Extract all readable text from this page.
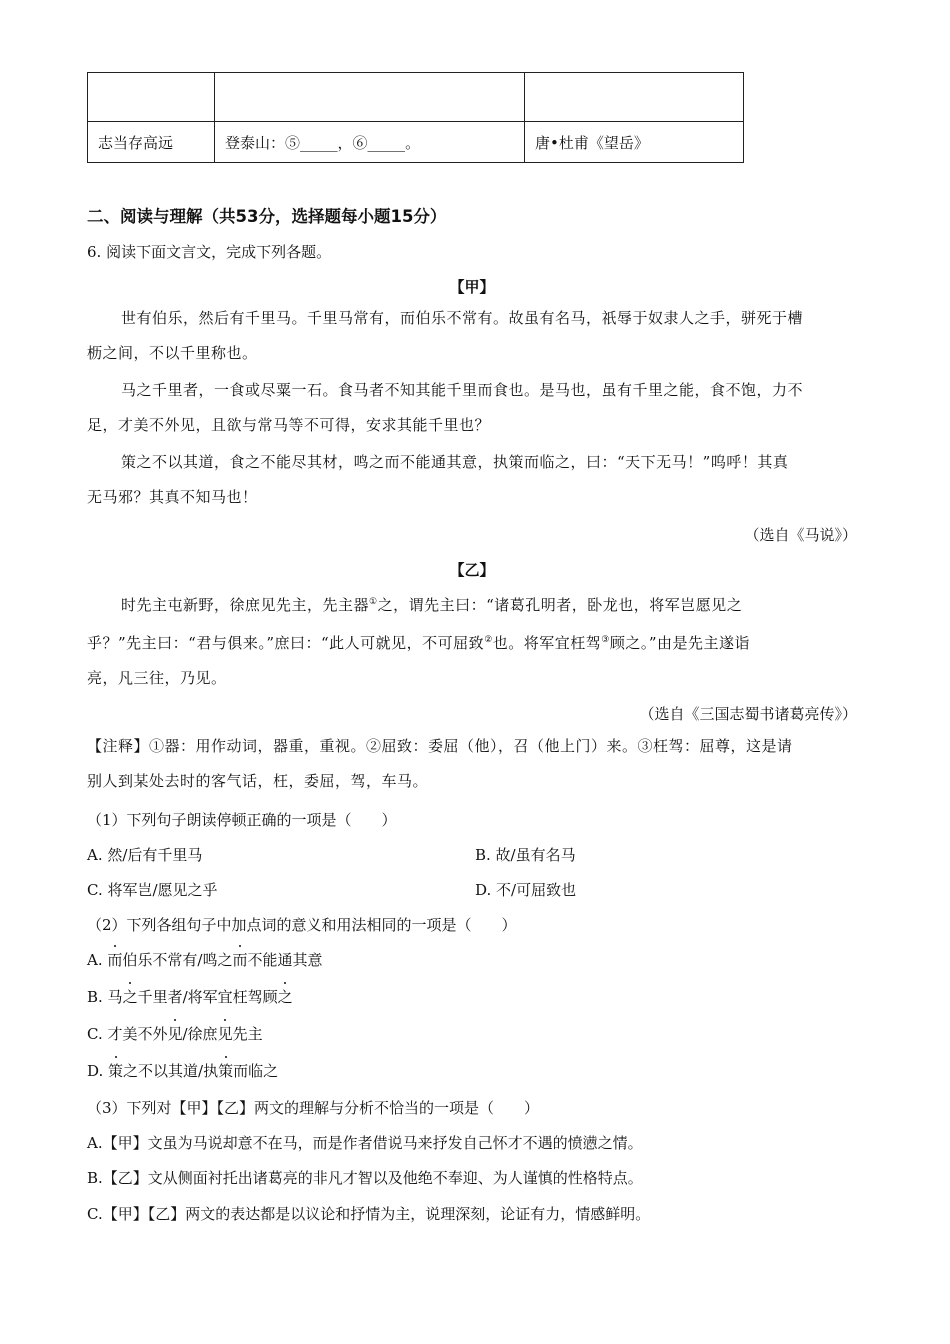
志当存高远	登泰山：⑤_____，⑥_____。	唐•杜甫《望岳》
二、阅读与理解（共53分，选择题每小题15分）
6. 阅读下面文言文，完成下列各题。
【甲】
世有伯乐，然后有千里马。千里马常有，而伯乐不常有。故虽有名马，祇辱于奴隶人之手，骈死于槽
枥之间，不以千里称也。
马之千里者，一食或尽粟一石。食马者不知其能千里而食也。是马也，虽有千里之能，食不饱，力不
足，才美不外见，且欲与常马等不可得，安求其能千里也？
策之不以其道，食之不能尽其材，鸣之而不能通其意，执策而临之，曰：“天下无马！”呜呼！其真
无马邪？其真不知马也！
（选自《马说》）
【乙】
时先主屯新野，徐庶见先主，先主器①之，谓先主曰：“诸葛孔明者，卧龙也，将军岂愿见之
乎？”先主曰：“君与俱来。”庶曰：“此人可就见，不可屈致②也。将军宜枉驾③顾之。”由是先主遂诣
亮，凡三往，乃见。
（选自《三国志蜀书诸葛亮传》）
【注释】①器：用作动词，器重，重视。②屈致：委屈（他），召（他上门）来。③枉驾：屈尊，这是请
别人到某处去时的客气话，枉，委屈，驾，车马。
（1）下列句子朗读停顿正确的一项是（　　）
A. 然/后有千里马	B. 故/虽有名马
C. 将军岂/愿见之乎	D. 不/可屈致也
（2）下列各组句子中加点词的意义和用法相同的一项是（　　）
A. 而伯乐不常有/鸣之而不能通其意
B. 马之千里者/将军宜枉驾顾之
C. 才美不外见/徐庶见先主
D. 策之不以其道/执策而临之
（3）下列对【甲】【乙】两文的理解与分析不恰当的一项是（　　）
A.【甲】文虽为马说却意不在马，而是作者借说马来抒发自己怀才不遇的愤懑之情。
B.【乙】文从侧面衬托出诸葛亮的非凡才智以及他绝不奉迎、为人谨慎的性格特点。
C.【甲】【乙】两文的表达都是以议论和抒情为主，说理深刻，论证有力，情感鲜明。
